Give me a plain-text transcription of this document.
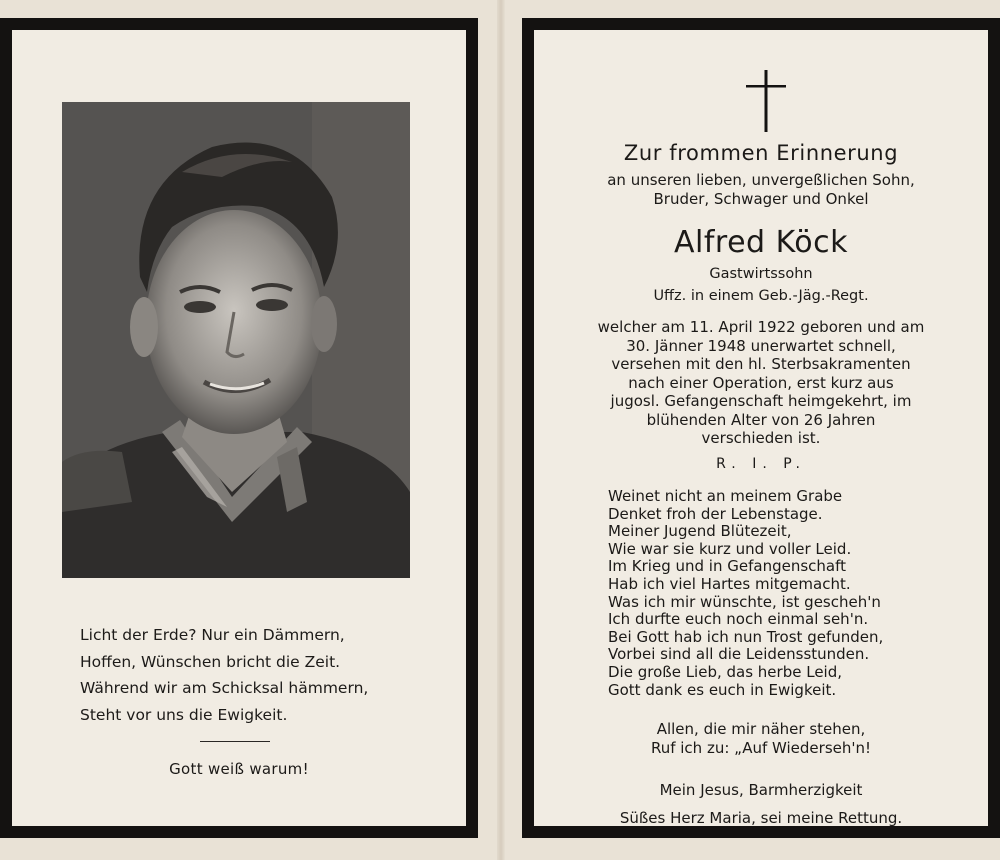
Licht der Erde? Nur ein Dämmern,
Hoffen, Wünschen bricht die Zeit.
Während wir am Schicksal hämmern,
Steht vor uns die Ewigkeit.
Gott weiß warum!
Zur frommen Erinnerung
an unseren lieben, unvergeßlichen Sohn,
Bruder, Schwager und Onkel
Alfred Köck
Gastwirtssohn
Uffz. in einem Geb.-Jäg.-Regt.
welcher am 11. April 1922 geboren und am
30. Jänner 1948 unerwartet schnell,
versehen mit den hl. Sterbsakramenten
nach einer Operation, erst kurz aus
jugosl. Gefangenschaft heimgekehrt, im
blühenden Alter von 26 Jahren
verschieden ist.
R. I. P.
Weinet nicht an meinem Grabe
Denket froh der Lebenstage.
Meiner Jugend Blütezeit,
Wie war sie kurz und voller Leid.
Im Krieg und in Gefangenschaft
Hab ich viel Hartes mitgemacht.
Was ich mir wünschte, ist gescheh'n
Ich durfte euch noch einmal seh'n.
Bei Gott hab ich nun Trost gefunden,
Vorbei sind all die Leidensstunden.
Die große Lieb, das herbe Leid,
Gott dank es euch in Ewigkeit.
Allen, die mir näher stehen,
Ruf ich zu: „Auf Wiederseh'n!
Mein Jesus, Barmherzigkeit
Süßes Herz Maria, sei meine Rettung.
